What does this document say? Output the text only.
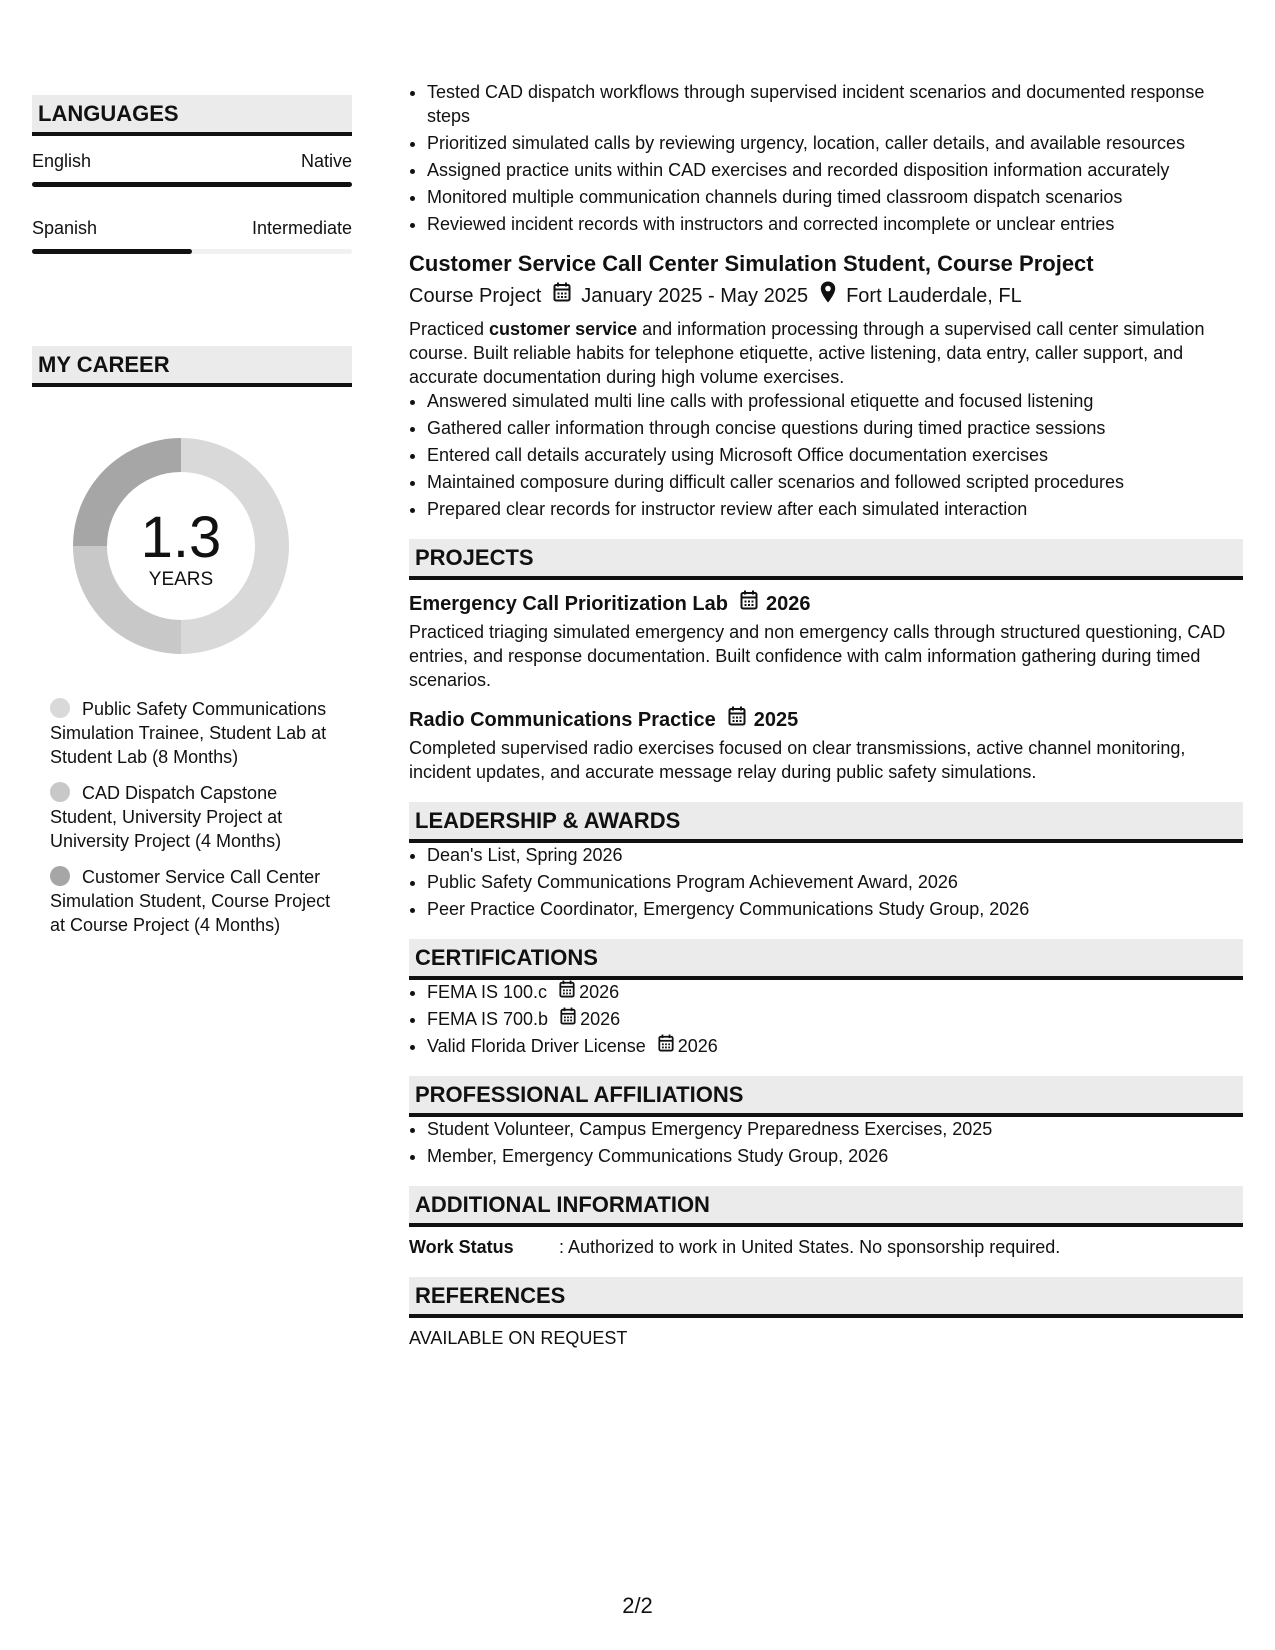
LANGUAGES
English	Native
Spanish	Intermediate
MY CAREER
1.3
YEARS
Public Safety Communications Simulation Trainee, Student Lab at Student Lab (8 Months)
CAD Dispatch Capstone Student, University Project at University Project (4 Months)
Customer Service Call Center Simulation Student, Course Project at Course Project (4 Months)
• Tested CAD dispatch workflows through supervised incident scenarios and documented response steps
• Prioritized simulated calls by reviewing urgency, location, caller details, and available resources
• Assigned practice units within CAD exercises and recorded disposition information accurately
• Monitored multiple communication channels during timed classroom dispatch scenarios
• Reviewed incident records with instructors and corrected incomplete or unclear entries
Customer Service Call Center Simulation Student, Course Project
Course Project January 2025 - May 2025 Fort Lauderdale, FL
Practiced customer service and information processing through a supervised call center simulation course. Built reliable habits for telephone etiquette, active listening, data entry, caller support, and accurate documentation during high volume exercises.
• Answered simulated multi line calls with professional etiquette and focused listening
• Gathered caller information through concise questions during timed practice sessions
• Entered call details accurately using Microsoft Office documentation exercises
• Maintained composure during difficult caller scenarios and followed scripted procedures
• Prepared clear records for instructor review after each simulated interaction
PROJECTS
Emergency Call Prioritization Lab 2026
Practiced triaging simulated emergency and non emergency calls through structured questioning, CAD entries, and response documentation. Built confidence with calm information gathering during timed scenarios.
Radio Communications Practice 2025
Completed supervised radio exercises focused on clear transmissions, active channel monitoring, incident updates, and accurate message relay during public safety simulations.
LEADERSHIP & AWARDS
• Dean's List, Spring 2026
• Public Safety Communications Program Achievement Award, 2026
• Peer Practice Coordinator, Emergency Communications Study Group, 2026
CERTIFICATIONS
• FEMA IS 100.c 2026
• FEMA IS 700.b 2026
• Valid Florida Driver License 2026
PROFESSIONAL AFFILIATIONS
• Student Volunteer, Campus Emergency Preparedness Exercises, 2025
• Member, Emergency Communications Study Group, 2026
ADDITIONAL INFORMATION
Work Status	: Authorized to work in United States. No sponsorship required.
REFERENCES
AVAILABLE ON REQUEST
2/2
